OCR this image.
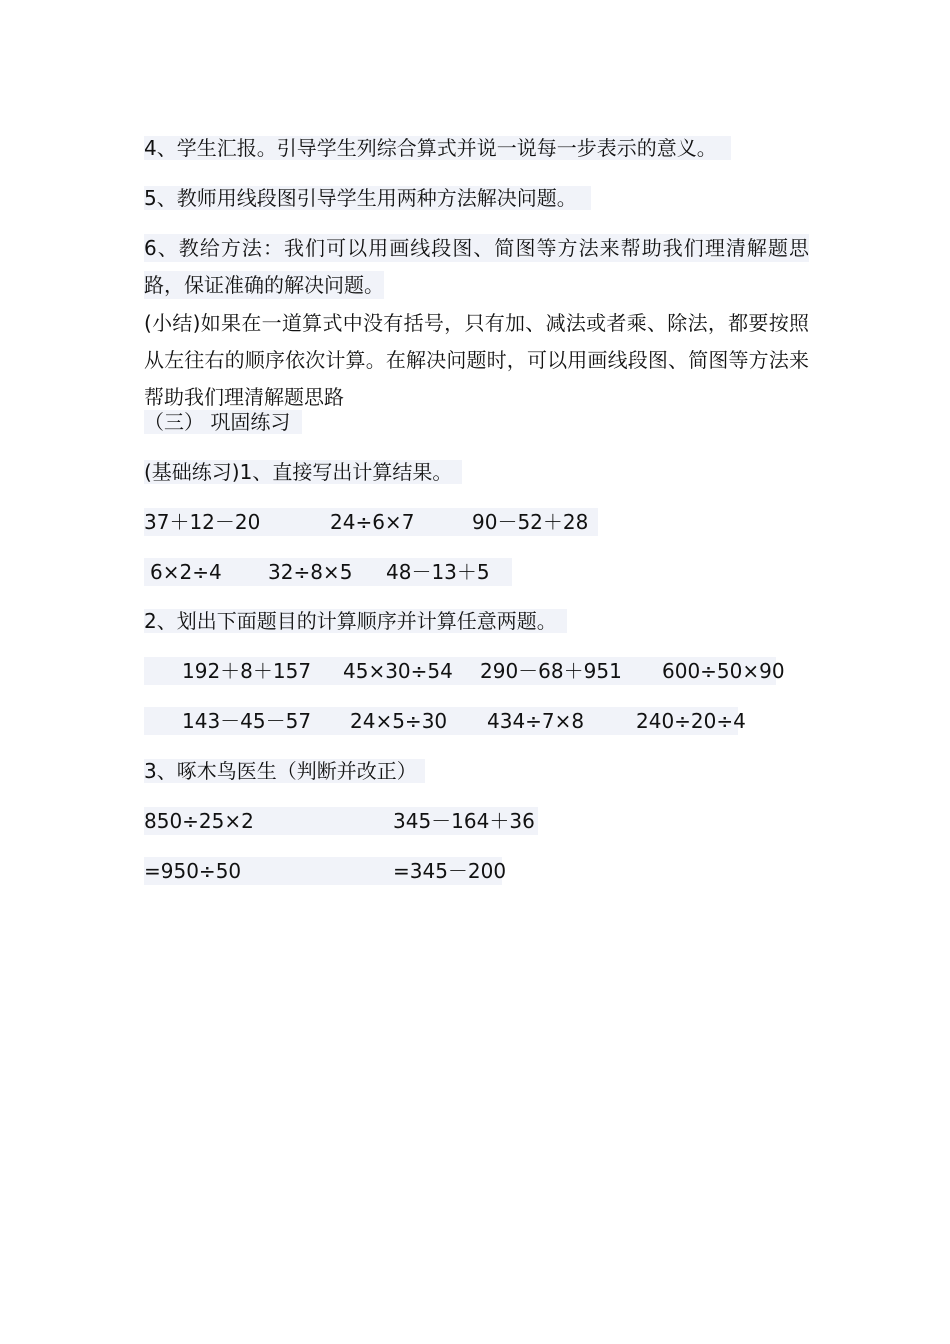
4、学生汇报。引导学生列综合算式并说一说每一步表示的意义。
5、教师用线段图引导学生用两种方法解决问题。
6、教给方法：我们可以用画线段图、简图等方法来帮助我们理清解题思路，保证准确的解决问题。
(小结)如果在一道算式中没有括号，只有加、减法或者乘、除法，都要按照从左往右的顺序依次计算。在解决问题时，可以用画线段图、简图等方法来帮助我们理清解题思路
（三） 巩固练习
(基础练习)1、直接写出计算结果。
37＋12－20	24÷6×7	90－52＋28
6×2÷4 32÷8×5 48－13＋5
2、划出下面题目的计算顺序并计算任意两题。
192＋8＋157 45×30÷54 290－68＋951 600÷50×90
143－45－57 24×5÷30 434÷7×8	240÷20÷4
3、啄木鸟医生（判断并改正）
850÷25×2	345－164＋36
=950÷50	=345－200
